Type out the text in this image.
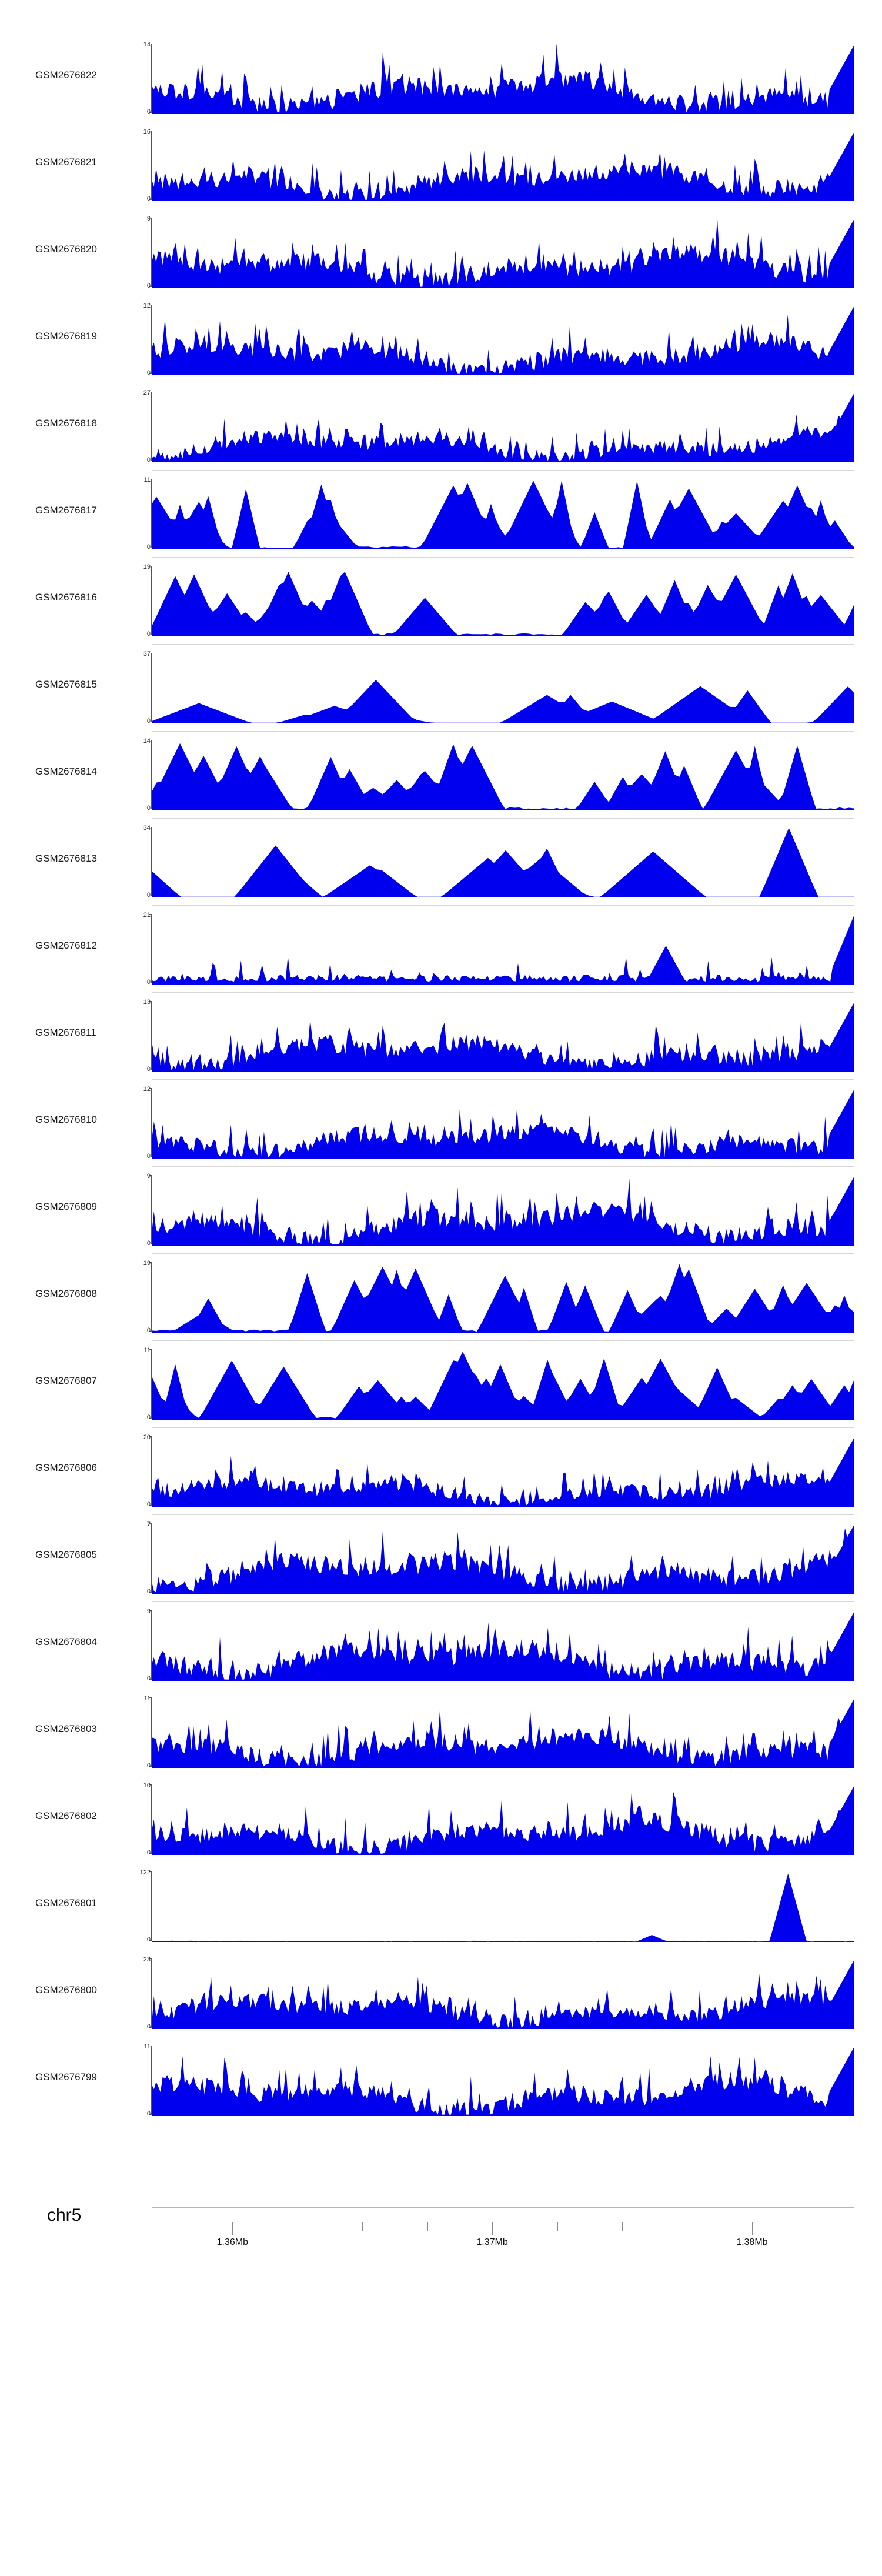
GSM2676822
14
0
GSM2676821
16
0
GSM2676820
9
0
GSM2676819
12
0
GSM2676818
27
0
GSM2676817
11
0
GSM2676816
19
0
GSM2676815
37
0
GSM2676814
14
0
GSM2676813
34
0
GSM2676812
21
0
GSM2676811
13
0
GSM2676810
12
0
GSM2676809
9
0
GSM2676808
19
0
GSM2676807
11
0
GSM2676806
20
0
GSM2676805
7
0
GSM2676804
9
0
GSM2676803
11
0
GSM2676802
10
0
GSM2676801
122
0
GSM2676800
23
0
GSM2676799
11
0
chr5
1.36Mb	1.37Mb	1.38Mb
